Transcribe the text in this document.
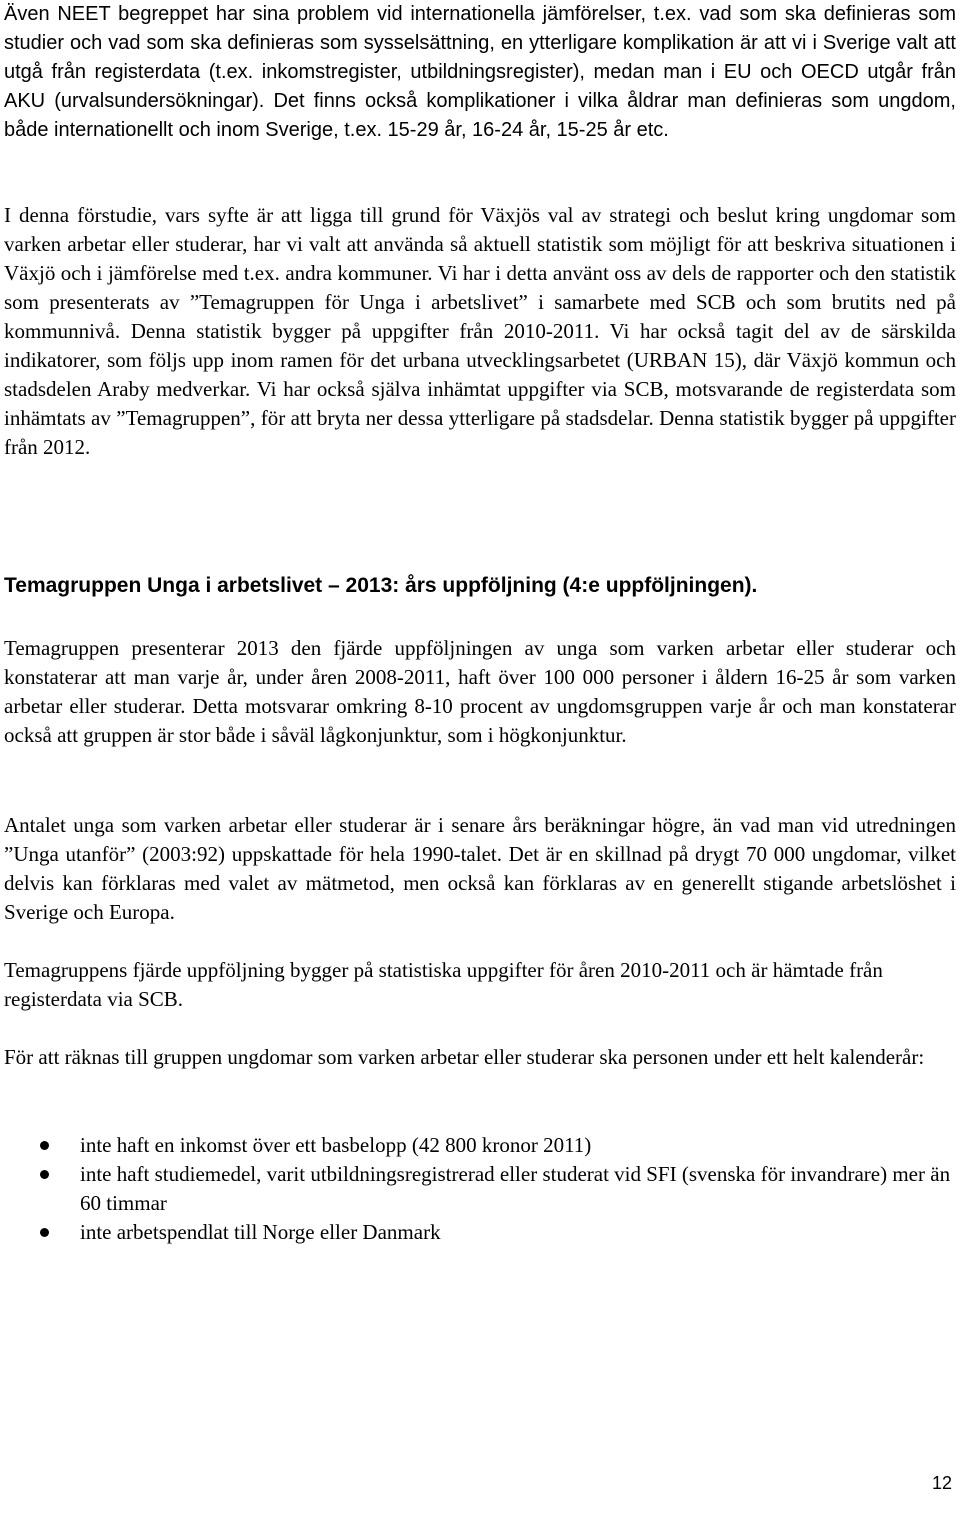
Även NEET begreppet har sina problem vid internationella jämförelser, t.ex. vad som ska definieras som studier och vad som ska definieras som sysselsättning, en ytterligare komplikation är att vi i Sverige valt att utgå från registerdata (t.ex. inkomstregister, utbildningsregister), medan man i EU och OECD utgår från AKU (urvalsundersökningar). Det finns också komplikationer i vilka åldrar man definieras som ungdom, både internationellt och inom Sverige, t.ex. 15-29 år, 16-24 år, 15-25 år etc.

I denna förstudie, vars syfte är att ligga till grund för Växjös val av strategi och beslut kring ungdomar som varken arbetar eller studerar, har vi valt att använda så aktuell statistik som möjligt för att beskriva situationen i Växjö och i jämförelse med t.ex. andra kommuner. Vi har i detta använt oss av dels de rapporter och den statistik som presenterats av ”Temagruppen för Unga i arbetslivet” i samarbete med SCB och som brutits ned på kommunnivå. Denna statistik bygger på uppgifter från 2010-2011. Vi har också tagit del av de särskilda indikatorer, som följs upp inom ramen för det urbana utvecklingsarbetet (URBAN 15), där Växjö kommun och stadsdelen Araby medverkar. Vi har också själva inhämtat uppgifter via SCB, motsvarande de registerdata som inhämtats av ”Temagruppen”, för att bryta ner dessa ytterligare på stadsdelar. Denna statistik bygger på uppgifter från 2012.

Temagruppen Unga i arbetslivet – 2013: års uppföljning (4:e uppföljningen).

Temagruppen presenterar 2013 den fjärde uppföljningen av unga som varken arbetar eller studerar och konstaterar att man varje år, under åren 2008-2011, haft över 100 000 personer i åldern 16-25 år som varken arbetar eller studerar. Detta motsvarar omkring 8-10 procent av ungdomsgruppen varje år och man konstaterar också att gruppen är stor både i såväl lågkonjunktur, som i högkonjunktur.

Antalet unga som varken arbetar eller studerar är i senare års beräkningar högre, än vad man vid utredningen ”Unga utanför” (2003:92) uppskattade för hela 1990-talet. Det är en skillnad på drygt 70 000 ungdomar, vilket delvis kan förklaras med valet av mätmetod, men också kan förklaras av en generellt stigande arbetslöshet i Sverige och Europa.

Temagruppens fjärde uppföljning bygger på statistiska uppgifter för åren 2010-2011 och är hämtade från registerdata via SCB.

För att räknas till gruppen ungdomar som varken arbetar eller studerar ska personen under ett helt kalenderår:

inte haft en inkomst över ett basbelopp (42 800 kronor 2011)
inte haft studiemedel, varit utbildningsregistrerad eller studerat vid SFI (svenska för invandrare) mer än 60 timmar
inte arbetspendlat till Norge eller Danmark
12
